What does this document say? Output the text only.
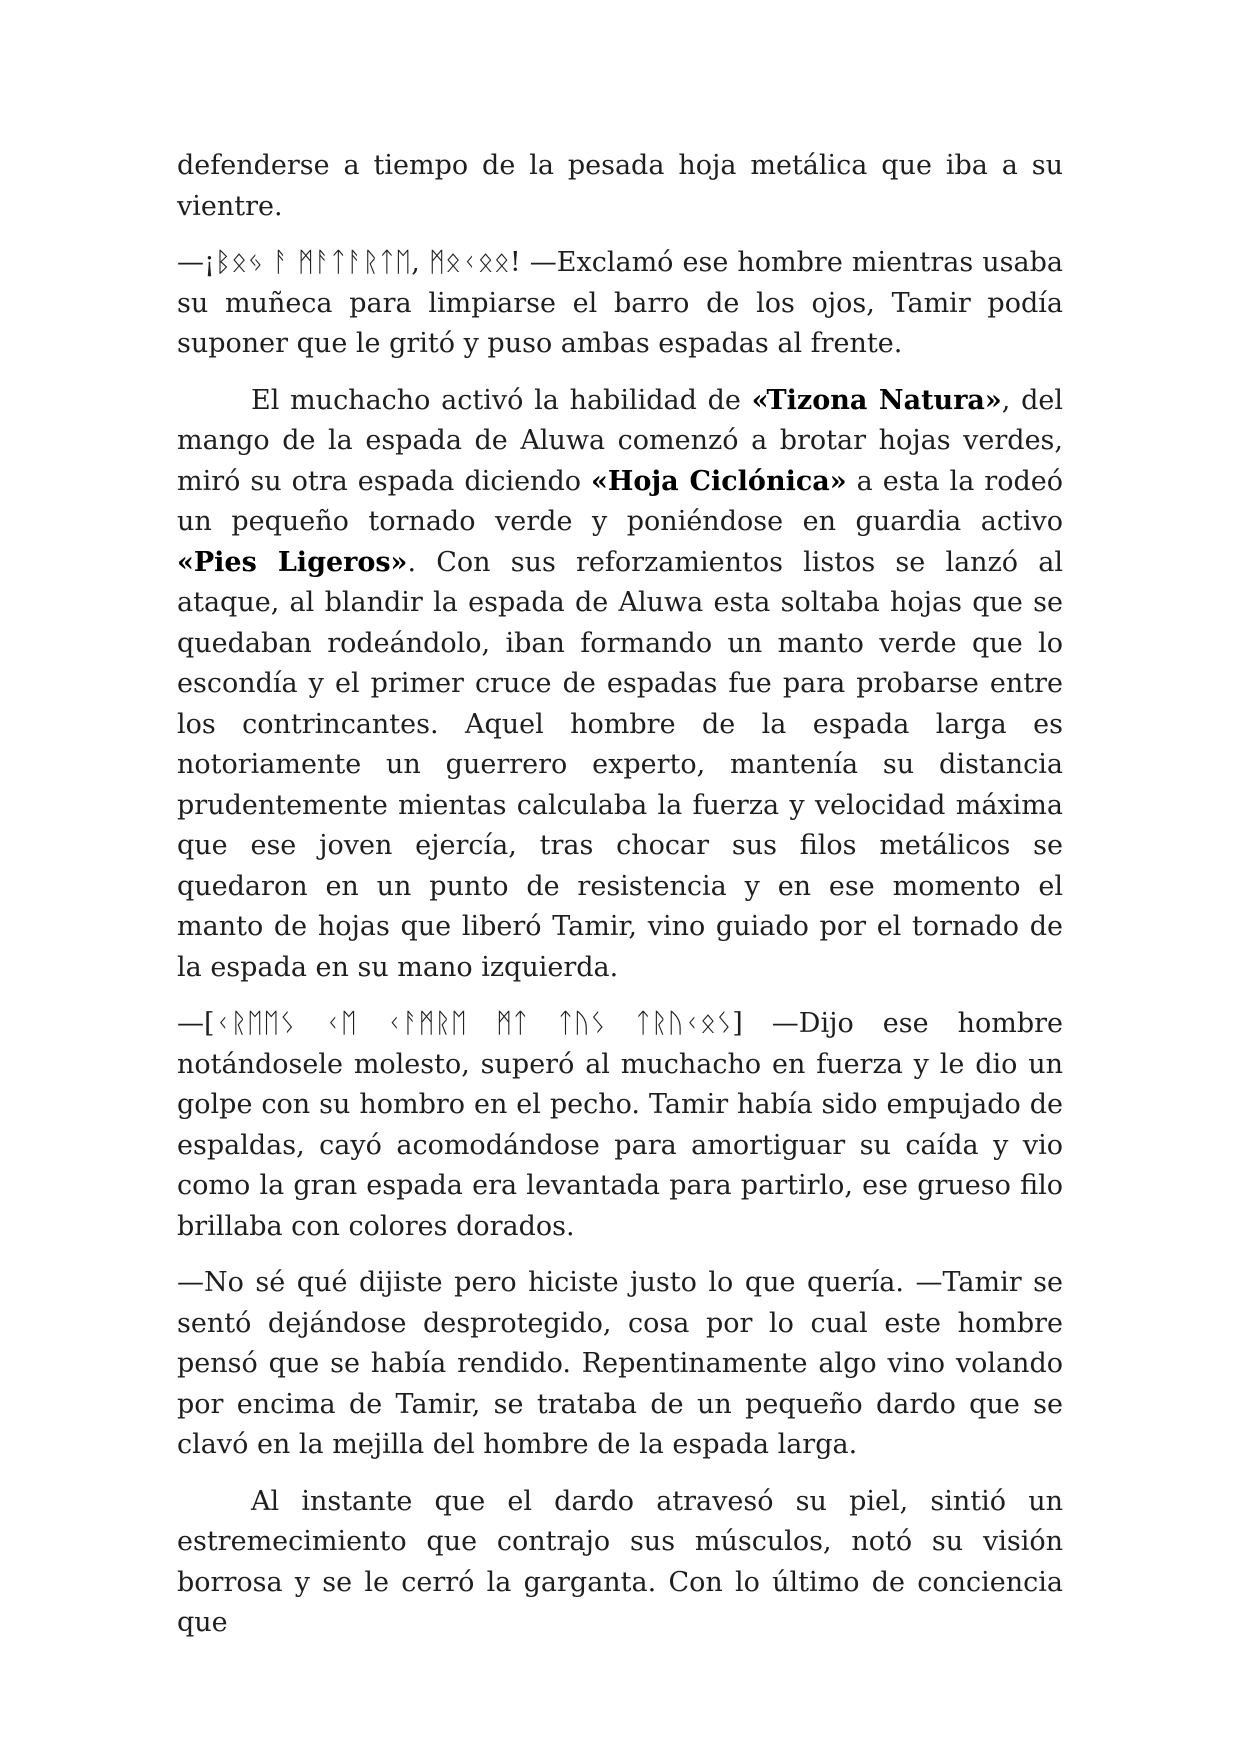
defenderse a tiempo de la pesada hoja metálica que iba a su vientre.

—¡ᛒᛟᛃ ᚨ ᛗᚨᛏᚨᚱᛏᛖ, ᛗᛟᚲᛟᛟ! —Exclamó ese hombre mientras usaba su muñeca para limpiarse el barro de los ojos, Tamir podía suponer que le gritó y puso ambas espadas al frente.

El muchacho activó la habilidad de «Tizona Natura», del mango de la espada de Aluwa comenzó a brotar hojas verdes, miró su otra espada diciendo «Hoja Ciclónica» a esta la rodeó un pequeño tornado verde y poniéndose en guardia activo «Pies Ligeros». Con sus reforzamientos listos se lanzó al ataque, al blandir la espada de Aluwa esta soltaba hojas que se quedaban rodeándolo, iban formando un manto verde que lo escondía y el primer cruce de espadas fue para probarse entre los contrincantes. Aquel hombre de la espada larga es notoriamente un guerrero experto, mantenía su distancia prudentemente mientas calculaba la fuerza y velocidad máxima que ese joven ejercía, tras chocar sus filos metálicos se quedaron en un punto de resistencia y en ese momento el manto de hojas que liberó Tamir, vino guiado por el tornado de la espada en su mano izquierda.

—[ᚲᚱᛖᛖᛊ ᚲᛖ ᚲᚨᛗᚱᛖ ᛗᛏ ᛏᚢᛊ ᛏᚱᚢᚲᛟᛊ] —Dijo ese hombre notándosele molesto, superó al muchacho en fuerza y le dio un golpe con su hombro en el pecho. Tamir había sido empujado de espaldas, cayó acomodándose para amortiguar su caída y vio como la gran espada era levantada para partirlo, ese grueso filo brillaba con colores dorados.

—No sé qué dijiste pero hiciste justo lo que quería. —Tamir se sentó dejándose desprotegido, cosa por lo cual este hombre pensó que se había rendido. Repentinamente algo vino volando por encima de Tamir, se trataba de un pequeño dardo que se clavó en la mejilla del hombre de la espada larga.

Al instante que el dardo atravesó su piel, sintió un estremecimiento que contrajo sus músculos, notó su visión borrosa y se le cerró la garganta. Con lo último de conciencia que
